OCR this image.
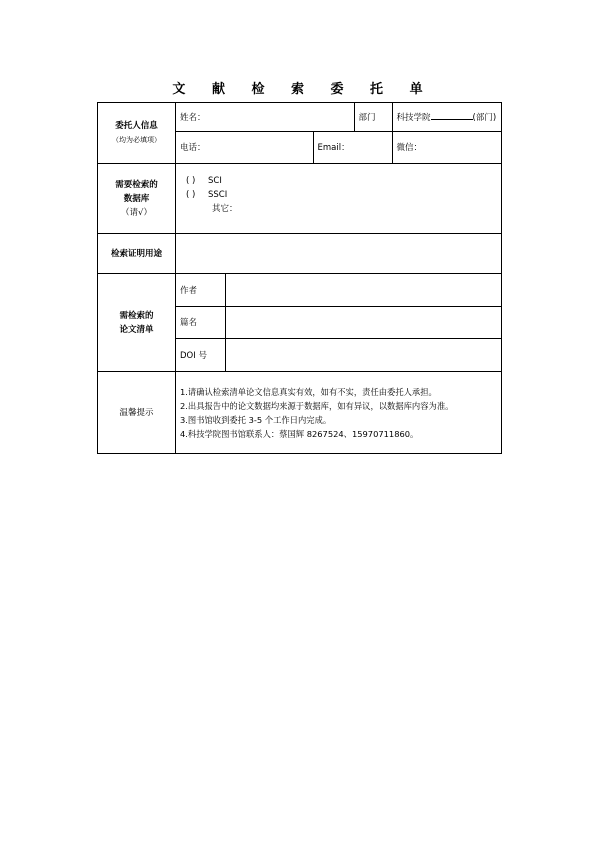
文 献 检 索 委 托 单
委托人信息
（均为必填项）

姓名：	部门	科技学院	(部门)
电话：	Email：	微信：

需要检索的
数据库
（请√）

( ) SCI
( ) SSCI
其它：

检索证明用途	

需检索的
论文清单

作者	
篇名	
DOI 号	

温馨提示	
1.请确认检索清单论文信息真实有效，如有不实，责任由委托人承担。
2.出具报告中的论文数据均来源于数据库，如有异议，以数据库内容为准。
3.图书馆收到委托 3-5 个工作日内完成。
4.科技学院图书馆联系人：蔡国辉 8267524、15970711860。
